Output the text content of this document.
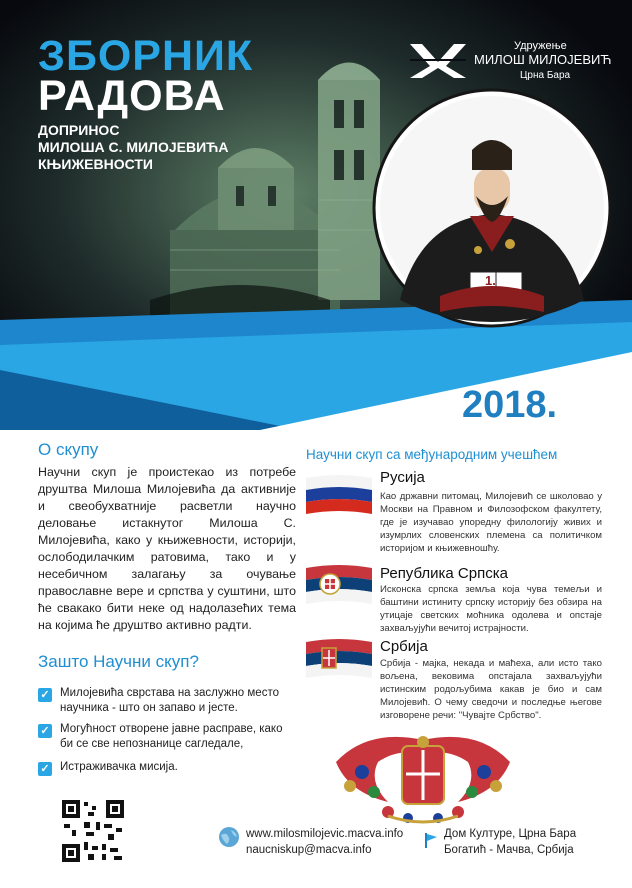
ЗБОРНИК
РАДОВА
ДОПРИНОС
МИЛОША С. МИЛОЈЕВИЋА
КЊИЖЕВНОСТИ
Удружење
МИЛОШ МИЛОЈЕВИЋ
Црна Бара
1.
2018.
О скупу
Научни скуп је проистекао из потребе друштва Милоша Милојевића да активније и свеобухватније расветли научно деловање истакнутог Милоша С. Милојевића, како у књижевности, историји, ослободилачким ратовима, тако и у несебичном залагању за очување православне вере и српства у суштини, што ће свакако бити неке од надолазећих тема на којима ће друштво активно радти.
Зашто Научни скуп?
✓ Милојевића сврстава на заслужно место научника - што он запаво и јесте.
✓ Могућност отворене јавне расправе, како би се све непознанице сагледале,
✓ Истраживачка мисија.
Научни скуп са међународним учешћем
Русија
Као државни питомац, Милојевић се школовао у Москви на Правном и Филозофском факултету, где је изучавао упоредну филологију живих и изумрлих словенских племена са политичком историјом и књижевношћу.
Република Српска
Исконска српска земља која чува темељи и баштини истиниту српску историју без обзира на утицаје светских моћника одолева и опстаје захваљујући вечитој истрајности.
Србија
Србија - мајка, некада и маћеха, али исто тако вољена, вековима опстајала захваљујући истинским родољубима какав је био и сам Милојевић. О чему сведочи и последње његове изговорене речи: "Чувајте Србство".
www.milosmilojevic.macva.info
naucniskup@macva.info
Дом Културе, Црна Бара
Богатић - Мачва, Србија
